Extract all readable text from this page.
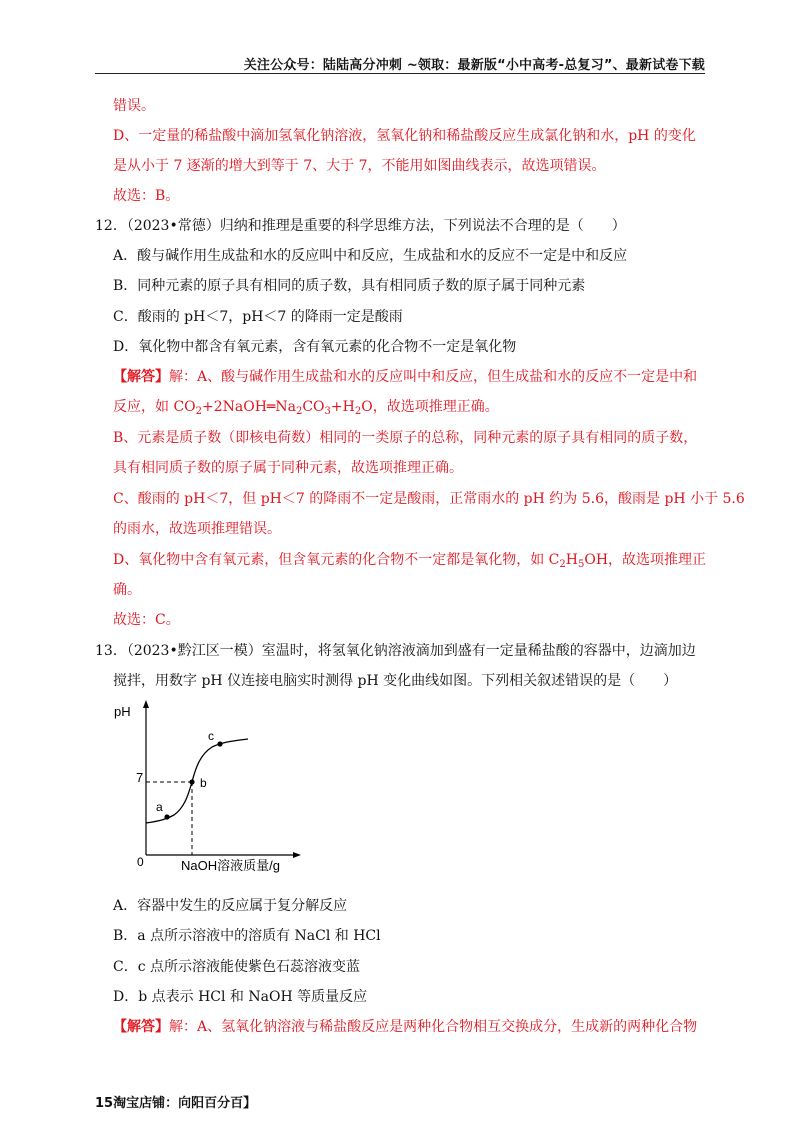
关注公众号：陆陆高分冲刺 ~领取：最新版“小中高考-总复习”、最新试卷下载
错误。
D、一定量的稀盐酸中滴加氢氧化钠溶液，氢氧化钠和稀盐酸反应生成氯化钠和水，pH 的变化
是从小于 7 逐渐的增大到等于 7、大于 7，不能用如图曲线表示，故选项错误。
故选：B。
12．（2023•常德）归纳和推理是重要的科学思维方法，下列说法不合理的是（　　）
A．酸与碱作用生成盐和水的反应叫中和反应，生成盐和水的反应不一定是中和反应
B．同种元素的原子具有相同的质子数，具有相同质子数的原子属于同种元素
C．酸雨的 pH＜7，pH＜7 的降雨一定是酸雨
D．氧化物中都含有氧元素，含有氧元素的化合物不一定是氧化物
【解答】解：A、酸与碱作用生成盐和水的反应叫中和反应，但生成盐和水的反应不一定是中和
反应，如 $CO_2+2NaOH═Na_2CO_3+H_2O$，故选项推理正确。
B、元素是质子数（即核电荷数）相同的一类原子的总称，同种元素的原子具有相同的质子数，
具有相同质子数的原子属于同种元素，故选项推理正确。
C、酸雨的 pH＜7，但 pH＜7 的降雨不一定是酸雨，正常雨水的 pH 约为 5.6，酸雨是 pH 小于 5.6
的雨水，故选项推理错误。
D、氧化物中含有氧元素，但含氧元素的化合物不一定都是氧化物，如 $C_2H_5OH$，故选项推理正
确。
故选：C。
13．（2023•黔江区一模）室温时，将氢氧化钠溶液滴加到盛有一定量稀盐酸的容器中，边滴加边
搅拌，用数字 pH 仪连接电脑实时测得 pH 变化曲线如图。下列相关叙述错误的是（　　）
pH
7
0	NaOH溶液质量/g
a
b
c
A．容器中发生的反应属于复分解反应
B．a 点所示溶液中的溶质有 NaCl 和 HCl
C．c 点所示溶液能使紫色石蕊溶液变蓝
D．b 点表示 HCl 和 NaOH 等质量反应
【解答】解：A、氢氧化钠溶液与稀盐酸反应是两种化合物相互交换成分，生成新的两种化合物
15淘宝店铺：向阳百分百】
